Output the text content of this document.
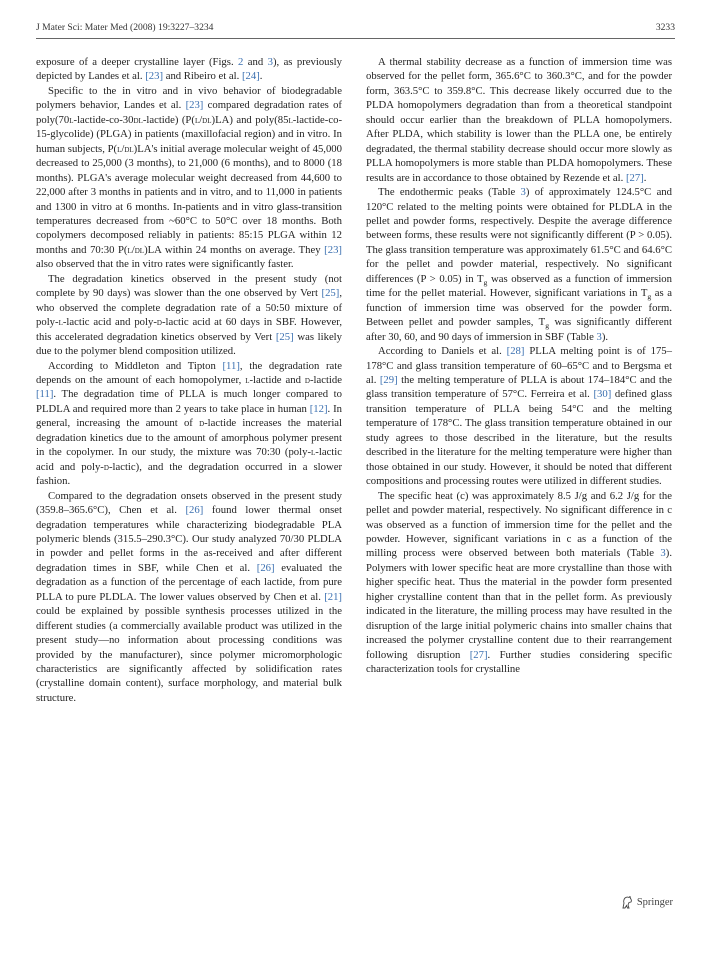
J Mater Sci: Mater Med (2008) 19:3227–3234	3233

exposure of a deeper crystalline layer (Figs. 2 and 3), as previously depicted by Landes et al. [23] and Ribeiro et al. [24].

Specific to the in vitro and in vivo behavior of biodegradable polymers behavior, Landes et al. [23] compared degradation rates of poly(70l-lactide-co-30dl-lactide) (P(l/dl)LA) and poly(85l-lactide-co-15-glycolide) (PLGA) in patients (maxillofacial region) and in vitro. In human subjects, P(l/dl)LA's initial average molecular weight of 45,000 decreased to 25,000 (3 months), to 21,000 (6 months), and to 8000 (18 months). PLGA's average molecular weight decreased from 44,600 to 22,000 after 3 months in patients and in vitro, and to 11,000 in patients and 1300 in vitro at 6 months. In-patients and in vitro glass-transition temperatures decreased from ~60°C to 50°C over 18 months. Both copolymers decomposed reliably in patients: 85:15 PLGA within 12 months and 70:30 P(l/dl)LA within 24 months on average. They [23] also observed that the in vitro rates were significantly faster.

The degradation kinetics observed in the present study (not complete by 90 days) was slower than the one observed by Vert [25], who observed the complete degradation rate of a 50:50 mixture of poly-l-lactic acid and poly-d-lactic acid at 60 days in SBF. However, this accelerated degradation kinetics observed by Vert [25] was likely due to the polymer blend composition utilized.

According to Middleton and Tipton [11], the degradation rate depends on the amount of each homopolymer, l-lactide and d-lactide [11]. The degradation time of PLLA is much longer compared to PLDLA and required more than 2 years to take place in human [12]. In general, increasing the amount of d-lactide increases the material degradation kinetics due to the amount of amorphous polymer present in the copolymer. In our study, the mixture was 70:30 (poly-l-lactic acid and poly-d-lactic), and the degradation occurred in a slower fashion.

Compared to the degradation onsets observed in the present study (359.8–365.6°C), Chen et al. [26] found lower thermal onset degradation temperatures while characterizing biodegradable PLA polymeric blends (315.5–290.3°C). Our study analyzed 70/30 PLDLA in powder and pellet forms in the as-received and after different degradation times in SBF, while Chen et al. [26] evaluated the degradation as a function of the percentage of each lactide, from pure PLLA to pure PLDLA. The lower values observed by Chen et al. [21] could be explained by possible synthesis processes utilized in the different studies (a commercially available product was utilized in the present study—no information about processing conditions was provided by the manufacturer), since polymer micromorphologic characteristics are significantly affected by solidification rates (crystalline domain content), surface morphology, and material bulk structure.

A thermal stability decrease as a function of immersion time was observed for the pellet form, 365.6°C to 360.3°C, and for the powder form, 363.5°C to 359.8°C. This decrease likely occurred due to the PLDA homopolymers degradation than from a theoretical standpoint should occur earlier than the breakdown of PLLA homopolymers. After PLDA, which stability is lower than the PLLA one, be entirely degradated, the thermal stability decrease should occur more slowly as PLLA homopolymers is more stable than PLDA homopolymers. These results are in accordance to those obtained by Rezende et al. [27].

The endothermic peaks (Table 3) of approximately 124.5°C and 120°C related to the melting points were obtained for PLDLA in the pellet and powder forms, respectively. Despite the average difference between forms, these results were not significantly different (P > 0.05). The glass transition temperature was approximately 61.5°C and 64.6°C for the pellet and powder material, respectively. No significant differences (P > 0.05) in $T_g$ was observed as a function of immersion time for the pellet material. However, significant variations in $T_g$ as a function of immersion time was observed for the powder form. Between pellet and powder samples, $T_g$ was significantly different after 30, 60, and 90 days of immersion in SBF (Table 3).

According to Daniels et al. [28] PLLA melting point is of 175–178°C and glass transition temperature of 60–65°C and to Bergsma et al. [29] the melting temperature of PLLA is about 174–184°C and the glass transition temperature of 57°C. Ferreira et al. [30] defined glass transition temperature of PLLA being 54°C and the melting temperature of 178°C. The glass transition temperature obtained in our study agrees to those described in the literature, but the results described in the literature for the melting temperature were higher than those obtained in our study. However, it should be noted that different compositions and processing routes were utilized in different studies.

The specific heat (c) was approximately 8.5 J/g and 6.2 J/g for the pellet and powder material, respectively. No significant difference in c was observed as a function of immersion time for the pellet and the powder. However, significant variations in c as a function of the milling process were observed between both materials (Table 3). Polymers with lower specific heat are more crystalline than those with higher specific heat. Thus the material in the powder form presented higher crystalline content than that in the pellet form. As previously indicated in the literature, the milling process may have resulted in the disruption of the large initial polymeric chains into smaller chains that increased the polymer crystalline content due to their rearrangement following disruption [27]. Further studies considering specific characterization tools for crystalline

Springer
